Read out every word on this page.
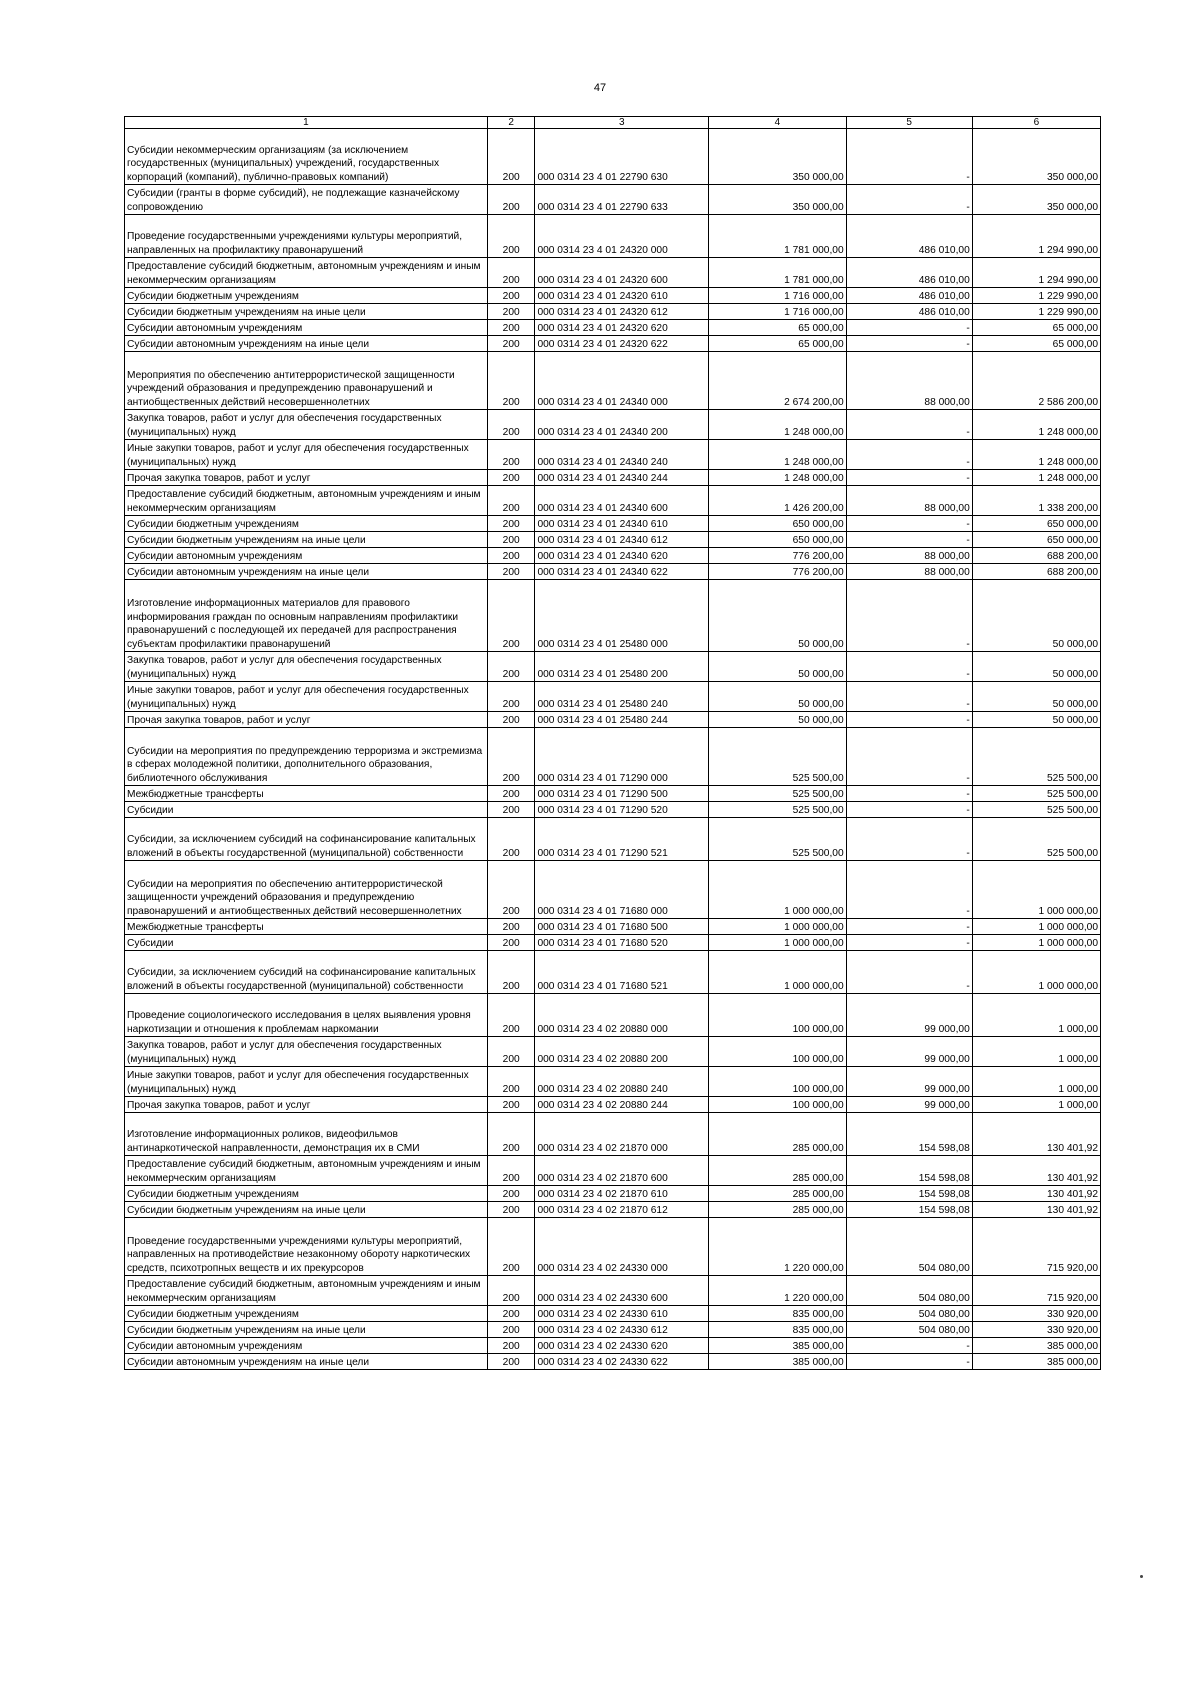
47
1	2	3	4	5	6
Субсидии некоммерческим организациям (за исключением государственных (муниципальных) учреждений, государственных корпораций (компаний), публично-правовых компаний)	200	000 0314 23 4 01 22790 630	350 000,00	-	350 000,00
Субсидии (гранты в форме субсидий), не подлежащие казначейскому сопровождению	200	000 0314 23 4 01 22790 633	350 000,00	-	350 000,00
Проведение государственными учреждениями культуры мероприятий, направленных на профилактику правонарушений	200	000 0314 23 4 01 24320 000	1 781 000,00	486 010,00	1 294 990,00
Предоставление субсидий бюджетным, автономным учреждениям и иным некоммерческим организациям	200	000 0314 23 4 01 24320 600	1 781 000,00	486 010,00	1 294 990,00
Субсидии бюджетным учреждениям	200	000 0314 23 4 01 24320 610	1 716 000,00	486 010,00	1 229 990,00
Субсидии бюджетным учреждениям на иные цели	200	000 0314 23 4 01 24320 612	1 716 000,00	486 010,00	1 229 990,00
Субсидии автономным учреждениям	200	000 0314 23 4 01 24320 620	65 000,00	-	65 000,00
Субсидии автономным учреждениям на иные цели	200	000 0314 23 4 01 24320 622	65 000,00	-	65 000,00
Мероприятия по обеспечению антитеррористической защищенности учреждений образования и предупреждению правонарушений и антиобщественных действий несовершеннолетних	200	000 0314 23 4 01 24340 000	2 674 200,00	88 000,00	2 586 200,00
Закупка товаров, работ и услуг для обеспечения государственных (муниципальных) нужд	200	000 0314 23 4 01 24340 200	1 248 000,00	-	1 248 000,00
Иные закупки товаров, работ и услуг для обеспечения государственных (муниципальных) нужд	200	000 0314 23 4 01 24340 240	1 248 000,00	-	1 248 000,00
Прочая закупка товаров, работ и услуг	200	000 0314 23 4 01 24340 244	1 248 000,00	-	1 248 000,00
Предоставление субсидий бюджетным, автономным учреждениям и иным некоммерческим организациям	200	000 0314 23 4 01 24340 600	1 426 200,00	88 000,00	1 338 200,00
Субсидии бюджетным учреждениям	200	000 0314 23 4 01 24340 610	650 000,00	-	650 000,00
Субсидии бюджетным учреждениям на иные цели	200	000 0314 23 4 01 24340 612	650 000,00	-	650 000,00
Субсидии автономным учреждениям	200	000 0314 23 4 01 24340 620	776 200,00	88 000,00	688 200,00
Субсидии автономным учреждениям на иные цели	200	000 0314 23 4 01 24340 622	776 200,00	88 000,00	688 200,00
Изготовление информационных материалов для правового информирования граждан по основным направлениям профилактики правонарушений с последующей их передачей для распространения субъектам профилактики правонарушений	200	000 0314 23 4 01 25480 000	50 000,00	-	50 000,00
Закупка товаров, работ и услуг для обеспечения государственных (муниципальных) нужд	200	000 0314 23 4 01 25480 200	50 000,00	-	50 000,00
Иные закупки товаров, работ и услуг для обеспечения государственных (муниципальных) нужд	200	000 0314 23 4 01 25480 240	50 000,00	-	50 000,00
Прочая закупка товаров, работ и услуг	200	000 0314 23 4 01 25480 244	50 000,00	-	50 000,00
Субсидии на мероприятия по предупреждению терроризма и экстремизма в сферах молодежной политики, дополнительного образования, библиотечного обслуживания	200	000 0314 23 4 01 71290 000	525 500,00	-	525 500,00
Межбюджетные трансферты	200	000 0314 23 4 01 71290 500	525 500,00	-	525 500,00
Субсидии	200	000 0314 23 4 01 71290 520	525 500,00	-	525 500,00
Субсидии, за исключением субсидий на софинансирование капитальных вложений в объекты государственной (муниципальной) собственности	200	000 0314 23 4 01 71290 521	525 500,00	-	525 500,00
Субсидии на мероприятия по обеспечению антитеррористической защищенности учреждений образования и предупреждению правонарушений и антиобщественных действий несовершеннолетних	200	000 0314 23 4 01 71680 000	1 000 000,00	-	1 000 000,00
Межбюджетные трансферты	200	000 0314 23 4 01 71680 500	1 000 000,00	-	1 000 000,00
Субсидии	200	000 0314 23 4 01 71680 520	1 000 000,00	-	1 000 000,00
Субсидии, за исключением субсидий на софинансирование капитальных вложений в объекты государственной (муниципальной) собственности	200	000 0314 23 4 01 71680 521	1 000 000,00	-	1 000 000,00
Проведение социологического исследования в целях выявления уровня наркотизации и отношения к проблемам наркомании	200	000 0314 23 4 02 20880 000	100 000,00	99 000,00	1 000,00
Закупка товаров, работ и услуг для обеспечения государственных (муниципальных) нужд	200	000 0314 23 4 02 20880 200	100 000,00	99 000,00	1 000,00
Иные закупки товаров, работ и услуг для обеспечения государственных (муниципальных) нужд	200	000 0314 23 4 02 20880 240	100 000,00	99 000,00	1 000,00
Прочая закупка товаров, работ и услуг	200	000 0314 23 4 02 20880 244	100 000,00	99 000,00	1 000,00
Изготовление информационных роликов, видеофильмов антинаркотической направленности, демонстрация их в СМИ	200	000 0314 23 4 02 21870 000	285 000,00	154 598,08	130 401,92
Предоставление субсидий бюджетным, автономным учреждениям и иным некоммерческим организациям	200	000 0314 23 4 02 21870 600	285 000,00	154 598,08	130 401,92
Субсидии бюджетным учреждениям	200	000 0314 23 4 02 21870 610	285 000,00	154 598,08	130 401,92
Субсидии бюджетным учреждениям на иные цели	200	000 0314 23 4 02 21870 612	285 000,00	154 598,08	130 401,92
Проведение государственными учреждениями культуры мероприятий, направленных на противодействие незаконному обороту наркотических средств, психотропных веществ и их прекурсоров	200	000 0314 23 4 02 24330 000	1 220 000,00	504 080,00	715 920,00
Предоставление субсидий бюджетным, автономным учреждениям и иным некоммерческим организациям	200	000 0314 23 4 02 24330 600	1 220 000,00	504 080,00	715 920,00
Субсидии бюджетным учреждениям	200	000 0314 23 4 02 24330 610	835 000,00	504 080,00	330 920,00
Субсидии бюджетным учреждениям на иные цели	200	000 0314 23 4 02 24330 612	835 000,00	504 080,00	330 920,00
Субсидии автономным учреждениям	200	000 0314 23 4 02 24330 620	385 000,00	-	385 000,00
Субсидии автономным учреждениям на иные цели	200	000 0314 23 4 02 24330 622	385 000,00	-	385 000,00
